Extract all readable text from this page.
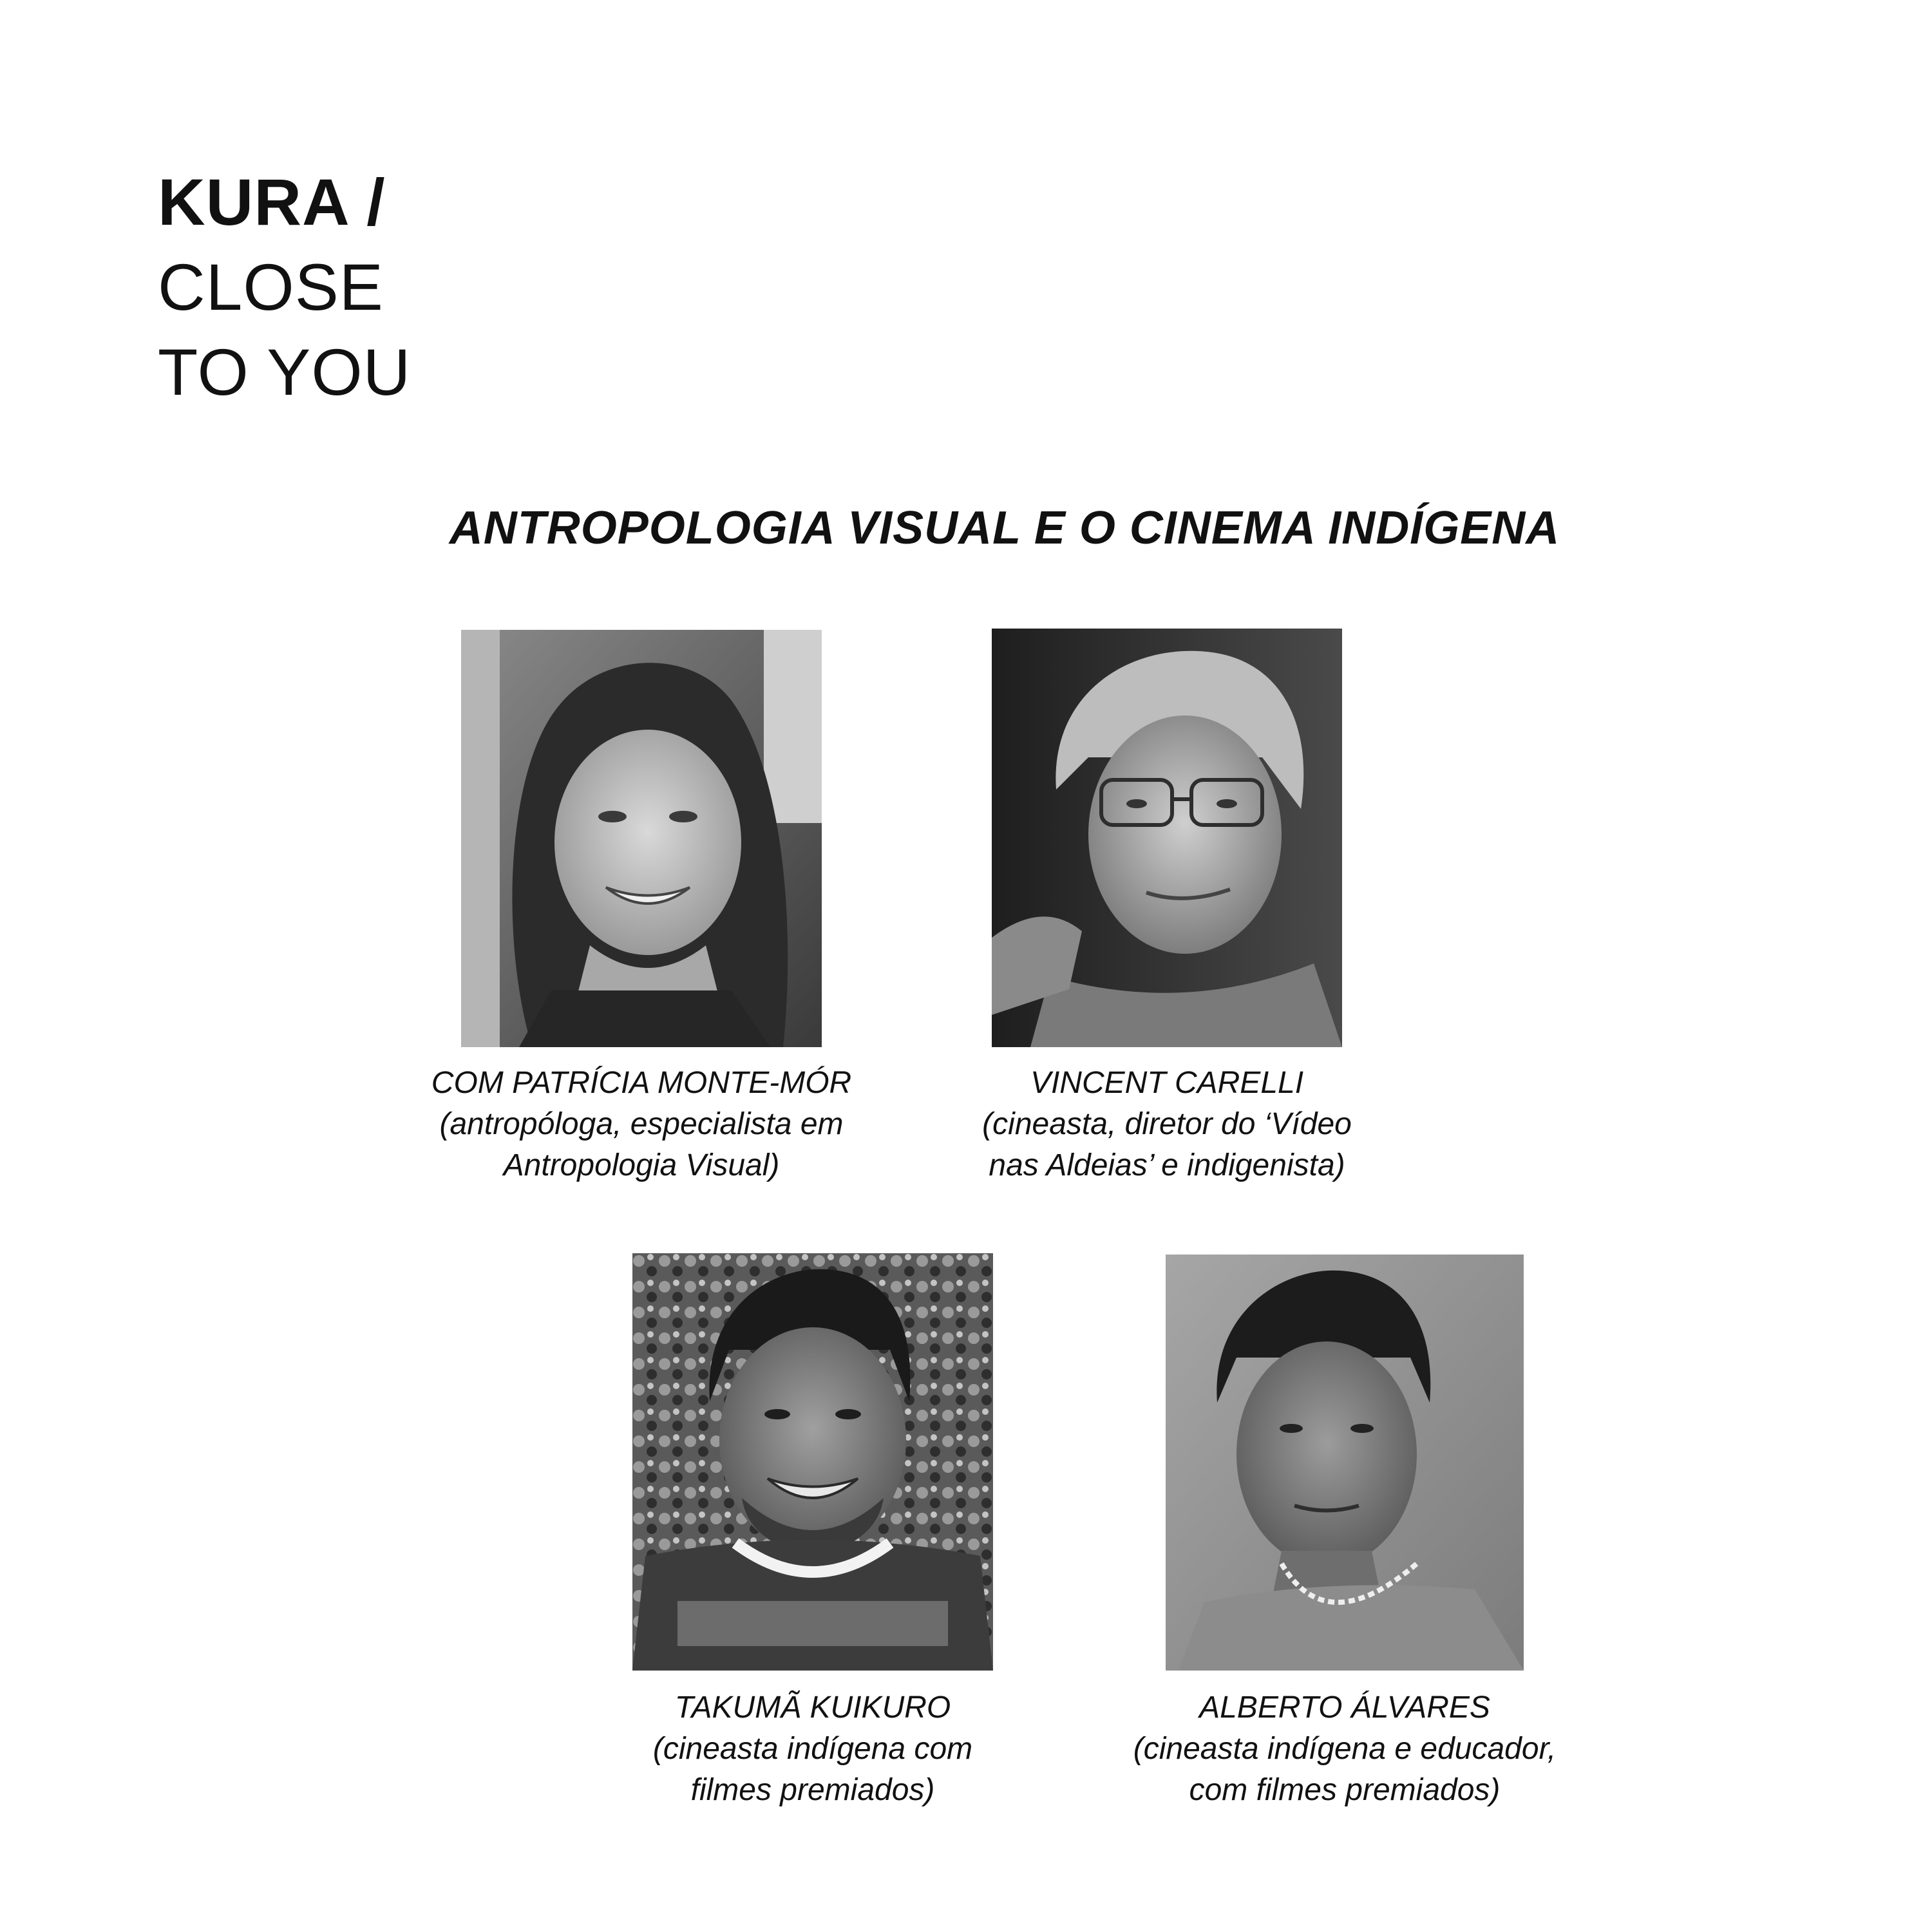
KURA /
CLOSE
TO YOU
ANTROPOLOGIA VISUAL E O CINEMA INDÍGENA
COM PATRÍCIA MONTE-MÓR
(antropóloga, especialista em
Antropologia Visual)
VINCENT CARELLI
(cineasta, diretor do ‘Vídeo
nas Aldeias’ e indigenista)
TAKUMÃ KUIKURO
(cineasta indígena com
filmes premiados)
ALBERTO ÁLVARES
(cineasta indígena e educador,
com filmes premiados)
